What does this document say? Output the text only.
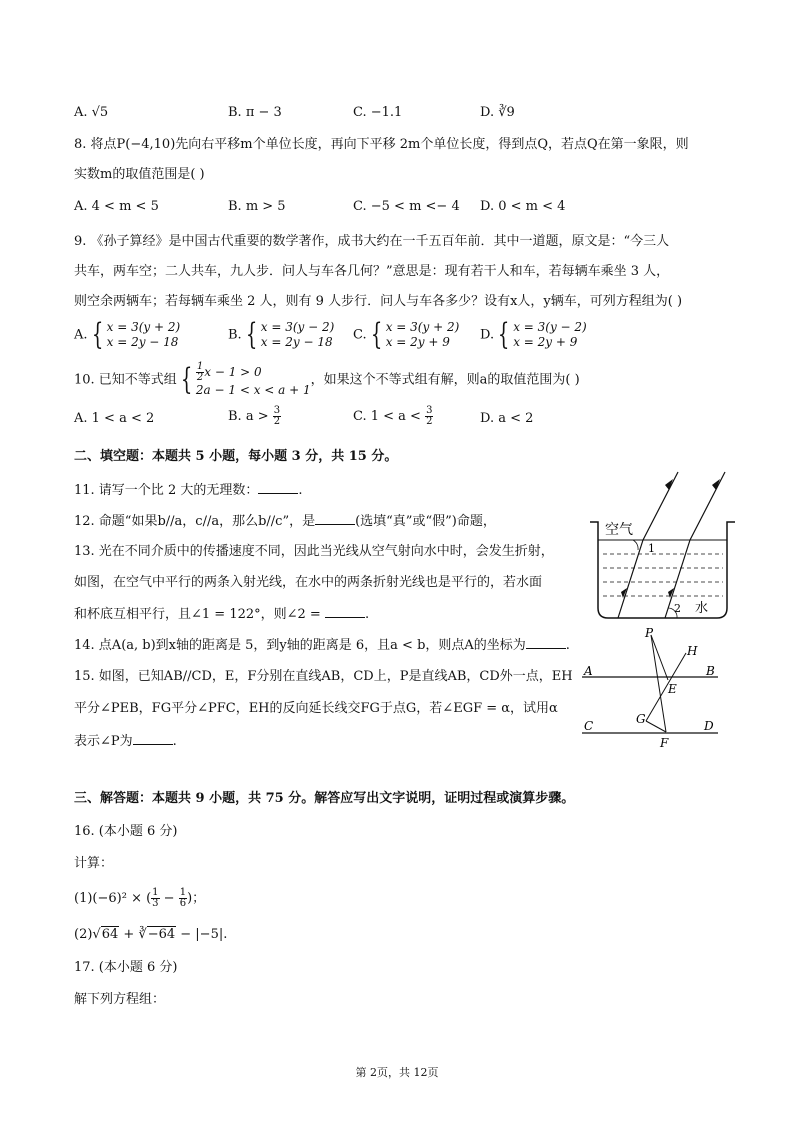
A. √5	B. π − 3	C. −1.1	D. ∛9
8. 将点P(−4,10)先向右平移m个单位长度，再向下平移 2m个单位长度，得到点Q，若点Q在第一象限，则
实数m的取值范围是( )
A. 4 < m < 5	B. m > 5	C. −5 < m <− 4 D. 0 < m < 4
9. 《孙子算经》是中国古代重要的数学著作，成书大约在一千五百年前．其中一道题，原文是：“今三人
共车，两车空；二人共车，九人步．问人与车各几何？”意思是：现有若干人和车，若每辆车乘坐 3 人，
则空余两辆车；若每辆车乘坐 2 人，则有 9 人步行．问人与车各多少？设有x人，y辆车，可列方程组为( )
A. { x = 3(y + 2)
x = 2y − 18	B. { x = 3(y − 2)
x = 2y − 18 C. { x = 3(y + 2)
x = 2y + 9	D. { x = 3(y − 2)
x = 2y + 9
10. 已知不等式组 { $\frac{1}{2}$ x − 1 > 0
2a − 1 < x < a + 1
，如果这个不等式组有解，则a的取值范围为( )
A. 1 < a < 2	B. $a > \frac{3}{2}$	C. $1 < a < \frac{3}{2}$	D. a < 2
二、填空题：本题共 5 小题，每小题 3 分，共 15 分。
11. 请写一个比 2 大的无理数：	.
12. 命题“如果b//a，c//a，那么b//c”，是	(选填“真”或“假”)命题，
13. 光在不同介质中的传播速度不同，因此当光线从空气射向水中时，会发生折射，
如图，在空气中平行的两条入射光线，在水中的两条折射光线也是平行的，若水面
和杯底互相平行，且∠1 = 122°，则∠2 =	.
空气
1
2 水
14. 点A(a, b)到x轴的距离是 5，到y轴的距离是 6，且a < b，则点A的坐标为	.
15. 如图，已知AB//CD，E，F分别在直线AB，CD上，P是直线AB，CD外一点，EH
平分∠PEB，FG平分∠PFC，EH的反向延长线交FG于点G，若∠EGF = α，试用α
表示∠P为	.
P
H
A	B
E
G
C	D
F
三、解答题：本题共 9 小题，共 75 分。解答应写出文字说明，证明过程或演算步骤。
16. (本小题 6 分)
计算：
(1)(−6)² × ( $\frac{1}{3} - \frac{1}{6}$ )；
(2)√64 + ∛−64 − |−5|.
17. (本小题 6 分)
解下列方程组：
第 2页，共 12页
